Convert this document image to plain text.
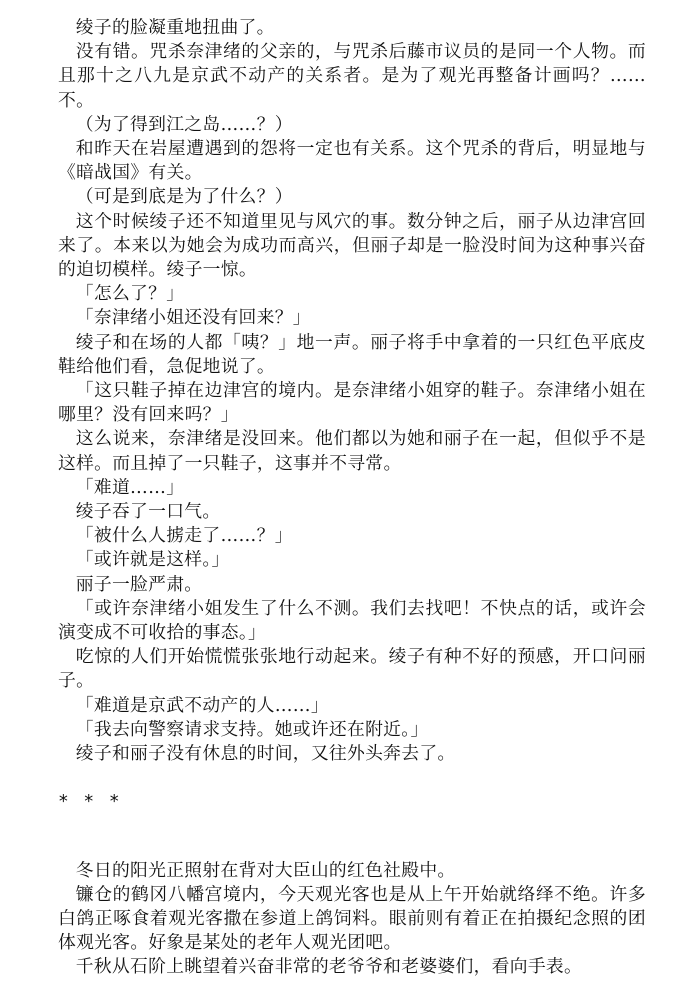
绫子的脸凝重地扭曲了。

没有错。咒杀奈津绪的父亲的，与咒杀后藤市议员的是同一个人物。而且那十之八九是京武不动产的关系者。是为了观光再整备计画吗？……不。

（为了得到江之岛……？）

和昨天在岩屋遭遇到的怨将一定也有关系。这个咒杀的背后，明显地与《暗战国》有关。

（可是到底是为了什么？）

这个时候绫子还不知道里见与风穴的事。数分钟之后，丽子从边津宫回来了。本来以为她会为成功而高兴，但丽子却是一脸没时间为这种事兴奋的迫切模样。绫子一惊。

「怎么了？」

「奈津绪小姐还没有回来？」

绫子和在场的人都「咦？」地一声。丽子将手中拿着的一只红色平底皮鞋给他们看，急促地说了。

「这只鞋子掉在边津宫的境内。是奈津绪小姐穿的鞋子。奈津绪小姐在哪里？没有回来吗？」

这么说来，奈津绪是没回来。他们都以为她和丽子在一起，但似乎不是这样。而且掉了一只鞋子，这事并不寻常。

「难道……」

绫子吞了一口气。

「被什么人掳走了……？」

「或许就是这样。」

丽子一脸严肃。

「或许奈津绪小姐发生了什么不测。我们去找吧！不快点的话，或许会演变成不可收拾的事态。」

吃惊的人们开始慌慌张张地行动起来。绫子有种不好的预感，开口问丽子。

「难道是京武不动产的人……」

「我去向警察请求支持。她或许还在附近。」

绫子和丽子没有休息的时间，又往外头奔去了。

* * *

冬日的阳光正照射在背对大臣山的红色社殿中。

镰仓的鹤冈八幡宫境内，今天观光客也是从上午开始就络绎不绝。许多白鸽正啄食着观光客撒在参道上鸽饲料。眼前则有着正在拍摄纪念照的团体观光客。好象是某处的老年人观光团吧。

千秋从石阶上眺望着兴奋非常的老爷爷和老婆婆们，看向手表。
